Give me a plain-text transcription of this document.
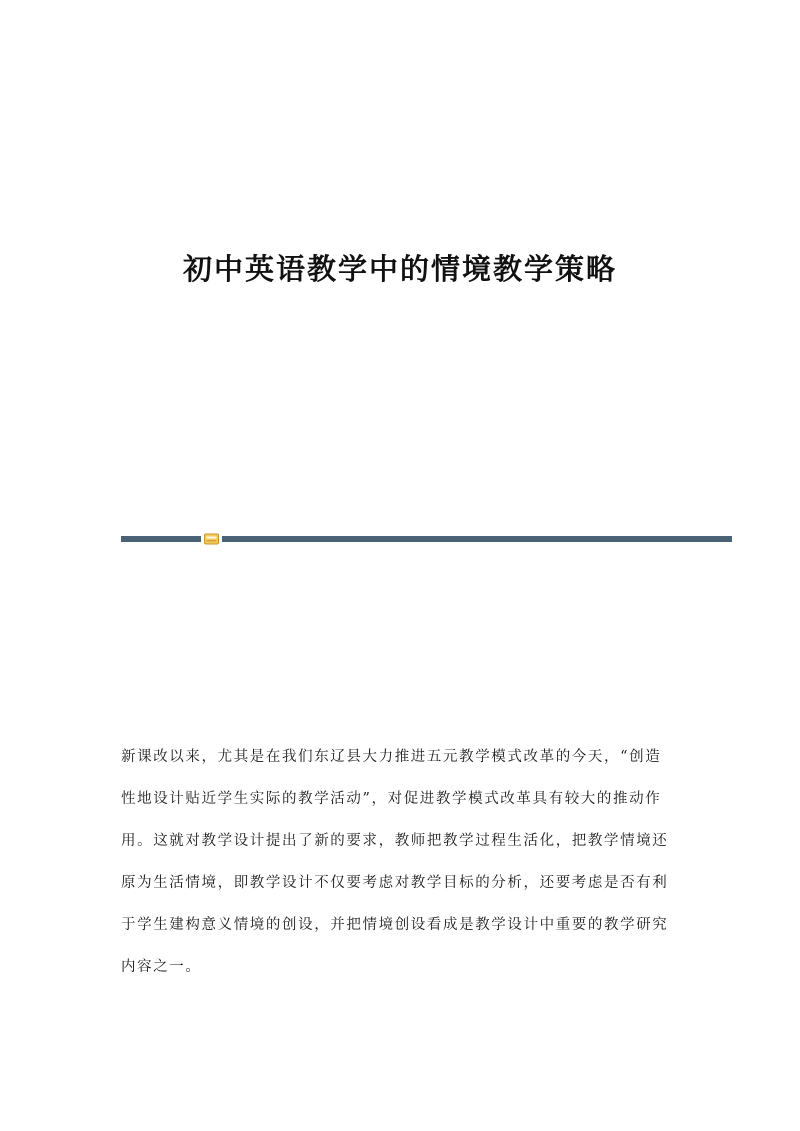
初中英语教学中的情境教学策略

新课改以来，尤其是在我们东辽县大力推进五元教学模式改革的今天，“创造
性地设计贴近学生实际的教学活动”，对促进教学模式改革具有较大的推动作
用。这就对教学设计提出了新的要求，教师把教学过程生活化，把教学情境还
原为生活情境，即教学设计不仅要考虑对教学目标的分析，还要考虑是否有利
于学生建构意义情境的创设，并把情境创设看成是教学设计中重要的教学研究
内容之一。
